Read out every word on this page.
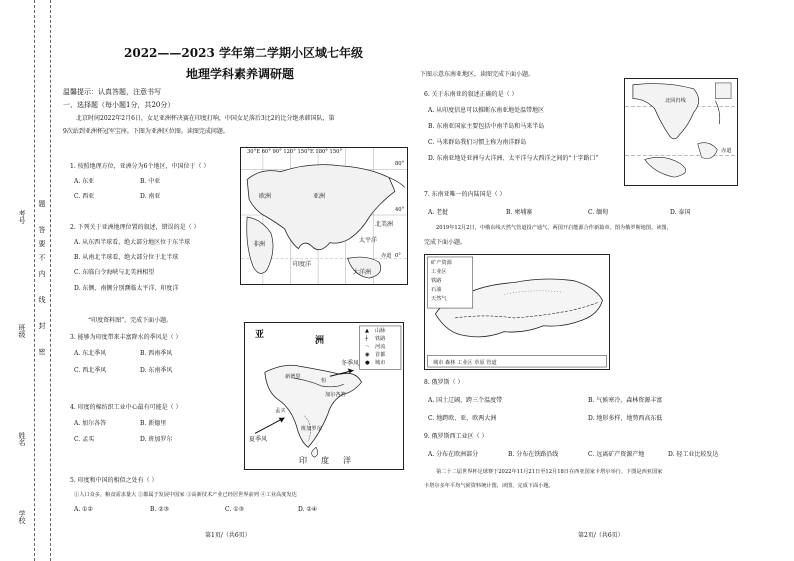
考号
班级
姓名
学校
密
封
线
内
不
要
答
题
2022——2023 学年第二学期小区域七年级
地理学科素养调研题
温馨提示：认真答题，注意书写
一、选择题（每小题1分，共20分）
北京时间2022年2月6日，女足亚洲杯决赛在印度打响，中国女足落后3比2的比分绝杀韩国队，第
9次站到亚洲杯冠军宝座。下图为亚洲区位图。读图完成问题。
1. 按照地理方位，亚洲分为6个地区，中国位于（ ）
A. 东亚	B. 中亚
C. 西亚	D. 南亚
2. 下列关于亚洲地理位置的叙述，错误的是（ ）
A. 从东西半球看，绝大部分地区位于东半球
B. 从南北半球看，绝大部分位于北半球
C. 东临白令海峡与北美洲相望
D. 东侧、南侧分别濒临太平洋、印度洋
“印度资料图”，完成下面小题。
3. 能够为印度带来丰富降水的季风是（ ）
A. 东北季风	B. 西南季风
C. 西北季风	D. 东南季风
4. 印度的棉纺织工业中心最有可能是（ ）
A. 加尔各答	B. 新德里
C. 孟买	D. 班加罗尔
5. 印度和中国的相似之处有（ ）
①人口众多，粮食需求量大 ②都属于发展中国家 ③高新技术产业已经居世界前列 ④工业高度发达
A. ①②	B. ②③	C. ①③	D. ②④
30°E 60° 90° 120° 150°E 180° 150°
80°
40°
0°
欧洲	亚洲
非洲
印度洋
太平洋
北美洲
大洋洲
赤道
亚
洲
▲ 山脉
┼ 铁路
～ 河流
◉ 首都
● 城市
冬季风
夏季风
新德里
恒
加尔各答
孟买
班加罗尔
印 度 洋
下图示意东南亚地区，读图完成下面小题。
6. 关于东南亚的叙述正确的是（ ）
A. 从印度信息可以推断东南亚地处温带地区
B. 东南亚国家主要包括中南半岛和马来半岛
C. 马来群岛我们习惯上称为南洋群岛
D. 东南亚地处亚洲与大洋洲、太平洋与大西洋之间的“十字路口”
北回归线
赤道
7. 东南亚唯一的内陆国是（ ）
A. 老挝	B. 柬埔寨	C. 缅甸	D. 泰国
2019年12月2日，中俄东线天然气管道投产通气，两国开启能源合作新篇章。图为俄罗斯地图。读图，
完成下面小题。
矿产资源
工业区
铁路
石油
天然气
城市 森林 工业区 草原 管道
8. 俄罗斯（ ）
A. 国土辽阔，跨三个温度带	B. 气候寒冷，森林资源丰富
C. 地跨欧、亚、欧两大洲	D. 地形多样，地势西高东低
9. 俄罗斯西工业区（ ）
A. 分布在欧洲部分	B. 分布在铁路沿线	C. 远离矿产资源产地	D. 轻工业比较发达
第二十二届世界杯足球赛于2022年11月21日至12月18日在西亚国家卡塔尔举行。下图是西亚国家
卡塔尔多年平均气候资料统计图，读图，完成下面小题。
第1页/（共6页）	第2页/（共6页）
